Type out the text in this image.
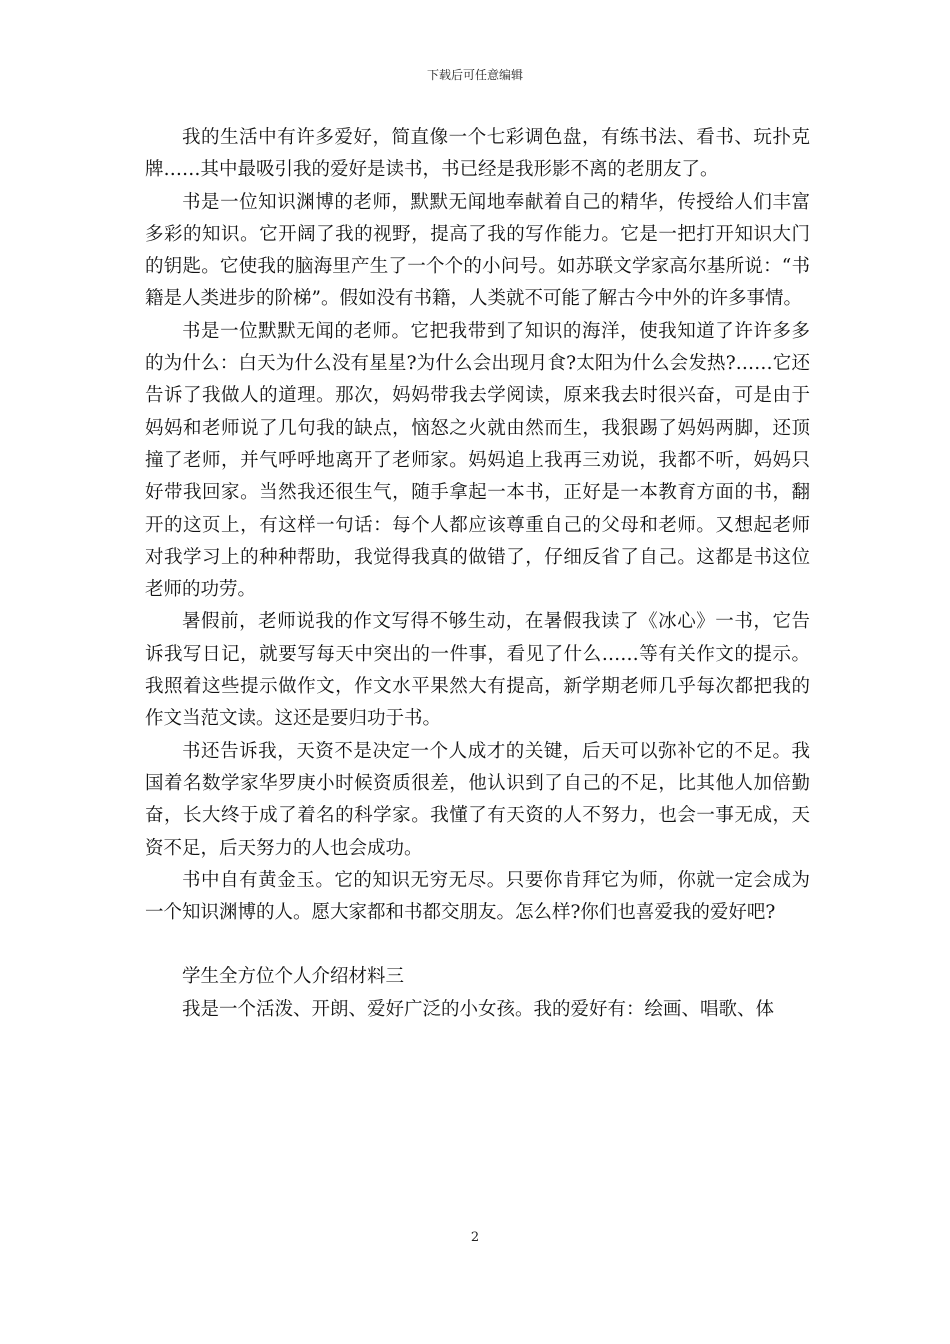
下载后可任意编辑

我的生活中有许多爱好，简直像一个七彩调色盘，有练书法、看书、玩扑克牌……其中最吸引我的爱好是读书，书已经是我形影不离的老朋友了。

书是一位知识渊博的老师，默默无闻地奉献着自己的精华，传授给人们丰富多彩的知识。它开阔了我的视野，提高了我的写作能力。它是一把打开知识大门的钥匙。它使我的脑海里产生了一个个的小问号。如苏联文学家高尔基所说：“书籍是人类进步的阶梯”。假如没有书籍，人类就不可能了解古今中外的许多事情。

书是一位默默无闻的老师。它把我带到了知识的海洋，使我知道了许许多多的为什么：白天为什么没有星星?为什么会出现月食?太阳为什么会发热?……它还告诉了我做人的道理。那次，妈妈带我去学阅读，原来我去时很兴奋，可是由于妈妈和老师说了几句我的缺点，恼怒之火就由然而生，我狠踢了妈妈两脚，还顶撞了老师，并气呼呼地离开了老师家。妈妈追上我再三劝说，我都不听，妈妈只好带我回家。当然我还很生气，随手拿起一本书，正好是一本教育方面的书，翻开的这页上，有这样一句话：每个人都应该尊重自己的父母和老师。又想起老师对我学习上的种种帮助，我觉得我真的做错了，仔细反省了自己。这都是书这位老师的功劳。

暑假前，老师说我的作文写得不够生动，在暑假我读了《冰心》一书，它告诉我写日记，就要写每天中突出的一件事，看见了什么……等有关作文的提示。我照着这些提示做作文，作文水平果然大有提高，新学期老师几乎每次都把我的作文当范文读。这还是要归功于书。

书还告诉我，天资不是决定一个人成才的关键，后天可以弥补它的不足。我国着名数学家华罗庚小时候资质很差，他认识到了自己的不足，比其他人加倍勤奋，长大终于成了着名的科学家。我懂了有天资的人不努力，也会一事无成，天资不足，后天努力的人也会成功。

书中自有黄金玉。它的知识无穷无尽。只要你肯拜它为师，你就一定会成为一个知识渊博的人。愿大家都和书都交朋友。怎么样?你们也喜爱我的爱好吧?

学生全方位个人介绍材料三

我是一个活泼、开朗、爱好广泛的小女孩。我的爱好有：绘画、唱歌、体

2
